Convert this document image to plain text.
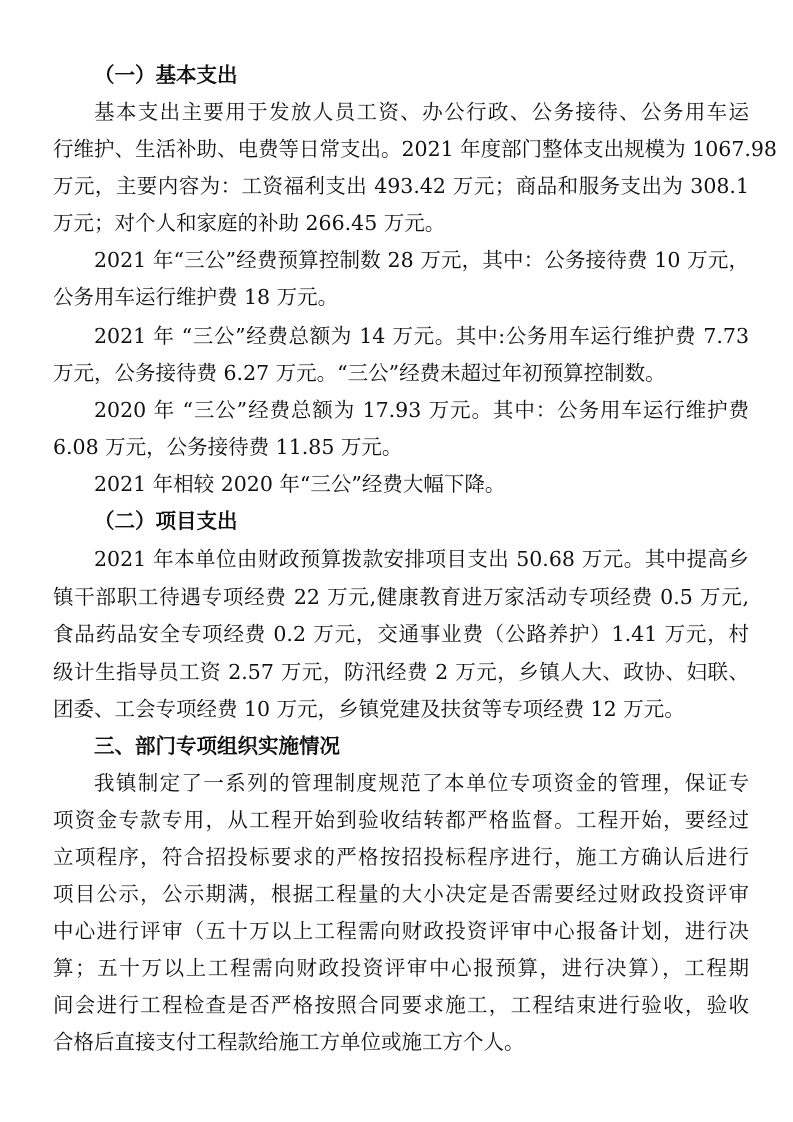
（一）基本支出
基本支出主要用于发放人员工资、办公行政、公务接待、公务用车运
行维护、生活补助、电费等日常支出。2021 年度部门整体支出规模为 1067.98
万元，主要内容为：工资福利支出 493.42 万元；商品和服务支出为 308.1
万元；对个人和家庭的补助 266.45 万元。
2021 年“三公”经费预算控制数 28 万元，其中：公务接待费 10 万元，
公务用车运行维护费 18 万元。
2021 年 “三公”经费总额为 14 万元。其中:公务用车运行维护费 7.73
万元，公务接待费 6.27 万元。“三公”经费未超过年初预算控制数。
2020 年 “三公”经费总额为 17.93 万元。其中：公务用车运行维护费
6.08 万元，公务接待费 11.85 万元。
2021 年相较 2020 年“三公”经费大幅下降。
（二）项目支出
2021 年本单位由财政预算拨款安排项目支出 50.68 万元。其中提高乡
镇干部职工待遇专项经费 22 万元,健康教育进万家活动专项经费 0.5 万元,
食品药品安全专项经费 0.2 万元，交通事业费（公路养护）1.41 万元，村
级计生指导员工资 2.57 万元，防汛经费 2 万元，乡镇人大、政协、妇联、
团委、工会专项经费 10 万元，乡镇党建及扶贫等专项经费 12 万元。
三、部门专项组织实施情况
我镇制定了一系列的管理制度规范了本单位专项资金的管理，保证专
项资金专款专用，从工程开始到验收结转都严格监督。工程开始，要经过
立项程序，符合招投标要求的严格按招投标程序进行，施工方确认后进行
项目公示，公示期满，根据工程量的大小决定是否需要经过财政投资评审
中心进行评审（五十万以上工程需向财政投资评审中心报备计划，进行决
算；五十万以上工程需向财政投资评审中心报预算，进行决算），工程期
间会进行工程检查是否严格按照合同要求施工，工程结束进行验收，验收
合格后直接支付工程款给施工方单位或施工方个人。
